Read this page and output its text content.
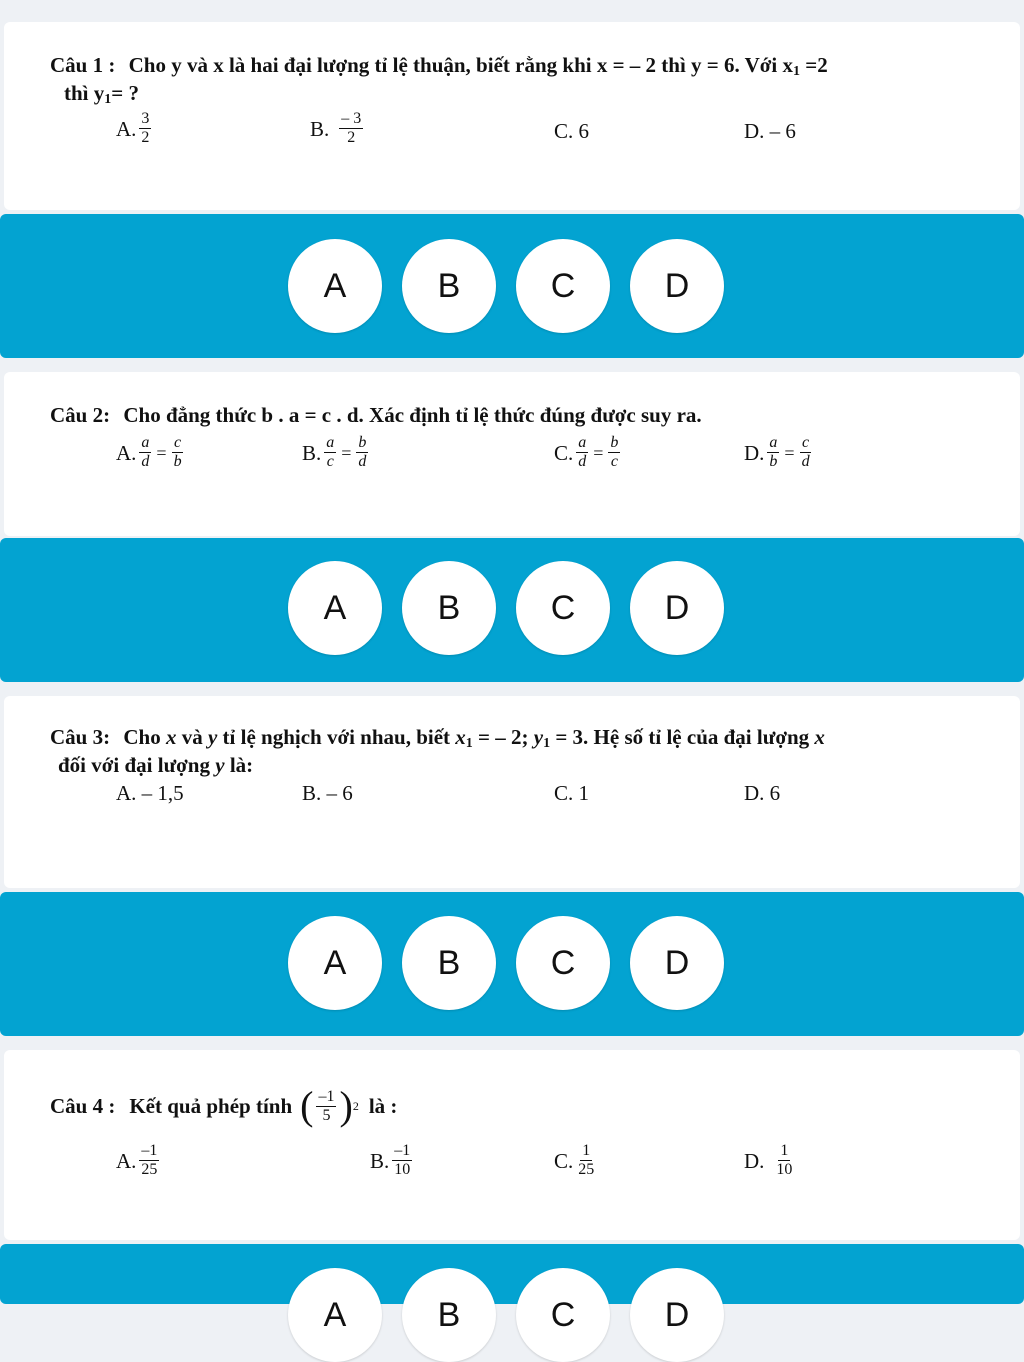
Câu 1 : Cho y và x là hai đại lượng tỉ lệ thuận, biết rằng khi x = – 2 thì y = 6. Với $x_1 =2$
thì $y_1=$ ?
A. $\frac{3}{2}$	B. $\frac{- 3}{2}$	C. 6	D. – 6
A	B	C	D
Câu 2: Cho đẳng thức b . a = c . d. Xác định tỉ lệ thức đúng được suy ra.
A. $\frac{a}{d} = \frac{c}{b}$	B. $\frac{a}{c} = \frac{b}{d}$	C. $\frac{a}{d} = \frac{b}{c}$	D. $\frac{a}{b} = \frac{c}{d}$
A	B	C	D
Câu 3: Cho x và y tỉ lệ nghịch với nhau, biết $x_1$ = – 2; $y_1 = 3$. Hệ số tỉ lệ của đại lượng x
đối với đại lượng y là:
A. – 1,5	B. – 6	C. 1	D. 6
A	B	C	D
Câu 4 : Kết quả phép tính ( $\frac{-1}{5}$ ) 2 là :
A. $\frac{-1}{25}$	B. $\frac{-1}{10}$	C. $\frac{1}{25}$	D. $\frac{1}{10}$
A	B	C	D
